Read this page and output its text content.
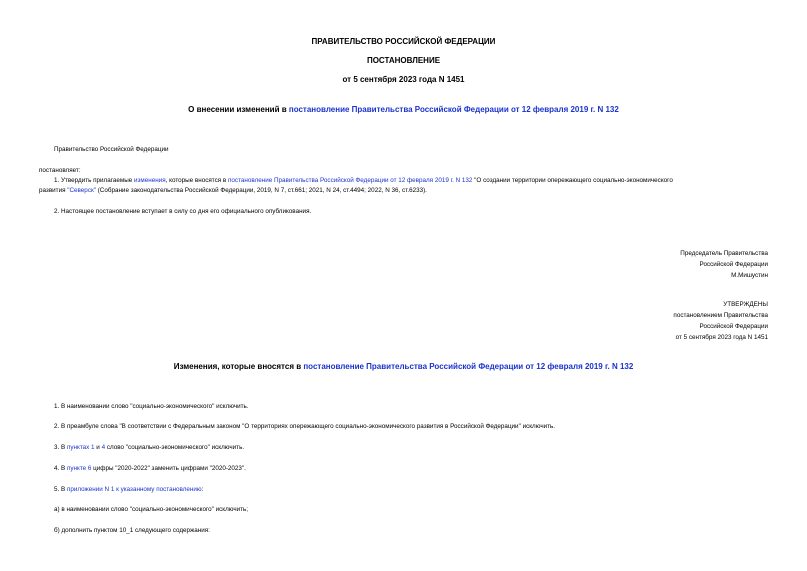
ПРАВИТЕЛЬСТВО РОССИЙСКОЙ ФЕДЕРАЦИИ
ПОСТАНОВЛЕНИЕ
от 5 сентября 2023 года N 1451
О внесении изменений в постановление Правительства Российской Федерации от 12 февраля 2019 г. N 132
Правительство Российской Федерации
постановляет:
1. Утвердить прилагаемые изменения, которые вносятся в постановление Правительства Российской Федерации от 12 февраля 2019 г. N 132 "О создании территории опережающего социально-экономического
развития "Северск" (Собрание законодательства Российской Федерации, 2019, N 7, ст.661; 2021, N 24, ст.4494; 2022, N 36, ст.6233).
2. Настоящее постановление вступает в силу со дня его официального опубликования.
Председатель Правительства
Российской Федерации
М.Мишустин
УТВЕРЖДЕНЫ
постановлением Правительства
Российской Федерации
от 5 сентября 2023 года N 1451
Изменения, которые вносятся в постановление Правительства Российской Федерации от 12 февраля 2019 г. N 132
1. В наименовании слово "социально-экономического" исключить.
2. В преамбуле слова "В соответствии с Федеральным законом "О территориях опережающего социально-экономического развития в Российской Федерации" исключить.
3. В пунктах 1 и 4 слово "социально-экономического" исключить.
4. В пункте 6 цифры "2020-2022" заменить цифрами "2020-2023".
5. В приложении N 1 к указанному постановлению:
а) в наименовании слово "социально-экономического" исключить;
б) дополнить пунктом 10_1 следующего содержания:
